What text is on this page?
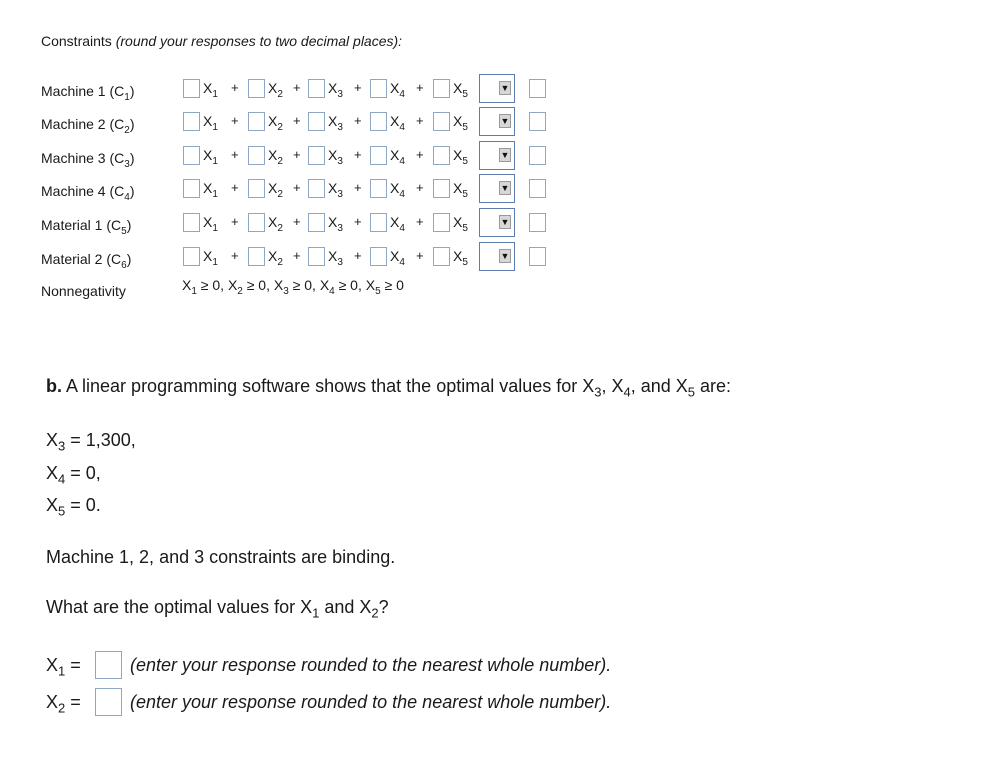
Constraints (round your responses to two decimal places):
Machine 1 $(C_1)$	$X_1 + X_2 + X_3 + X_4 + X_5$
▼
Machine 2 $(C_2)$	$X_1 + X_2 + X_3 + X_4 + X_5$
▼
Machine 3 $(C_3)$	$X_1 + X_2 + X_3 + X_4 + X_5$
▼
Machine 4 $(C_4)$	$X_1 + X_2 + X_3 + X_4 + X_5$
▼
Material 1 $(C_5)$	$X_1 + X_2 + X_3 + X_4 + X_5$
▼
Material 2 $(C_6)$	$X_1 + X_2 + X_3 + X_4 + X_5$
▼
Nonnegativity	$X_1 \ge 0$, $X_2 \ge 0$, $X_3 \ge 0$, $X_4 \ge 0$, $X_5 \ge 0$
b. A linear programming software shows that the optimal values for $X_3$, $X_4$, and $X_5$ are:
$X_3 = 1,300$,
$X_4 = 0$,
$X_5 = 0$.
Machine 1, 2, and 3 constraints are binding.
What are the optimal values for $X_1$ and $X_2$?
$X_1$ =	(enter your response rounded to the nearest whole number).
$X_2$ =	(enter your response rounded to the nearest whole number).
